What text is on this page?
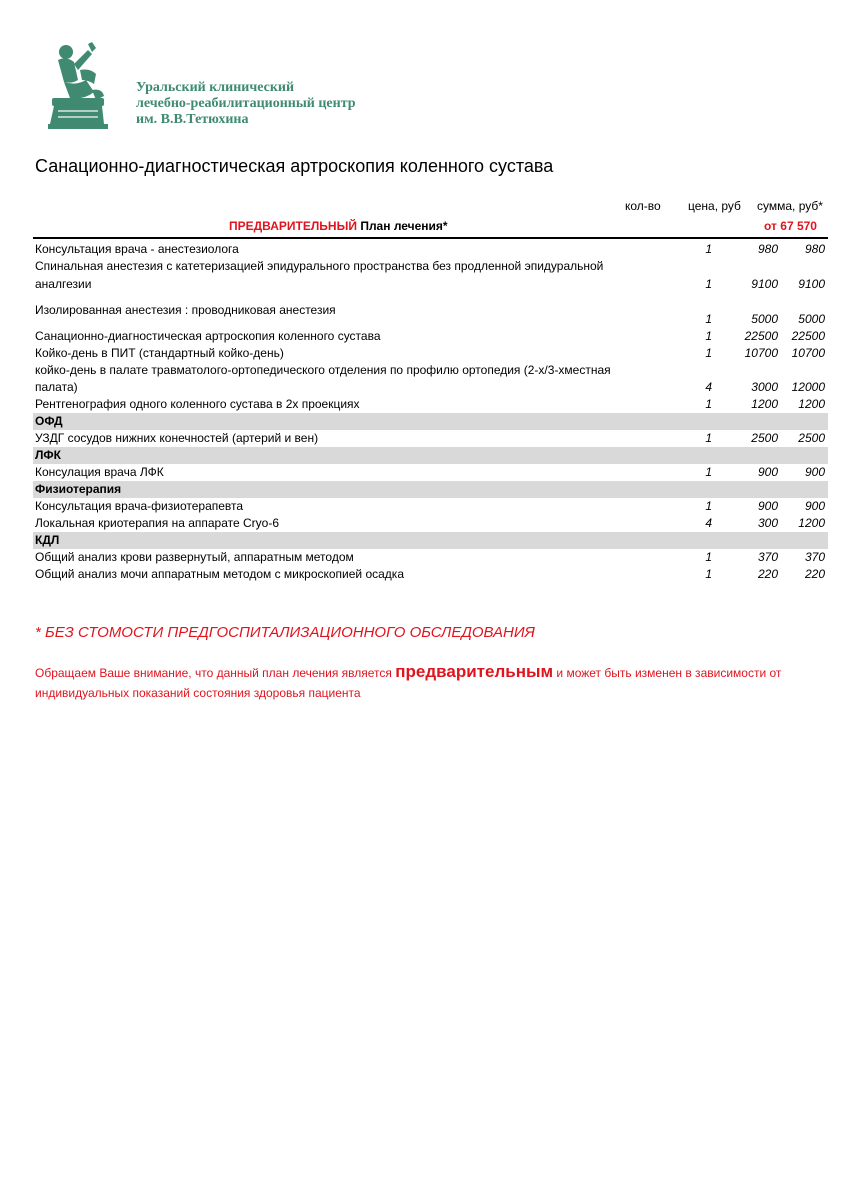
Уральский клинический
лечебно-реабилитационный центр
им. В.В.Тетюхина
Санационно-диагностическая артроскопия коленного сустава
кол-во цена, руб сумма, руб*
ПРЕДВАРИТЕЛЬНЫЙ План лечения*	от 67 570
Консультация врача - анестезиолога	1	980	980
Спинальная анестезия с катетеризацией эпидурального пространства без продленной эпидуральной
аналгезии	1	9100	9100
Изолированная анестезия : проводниковая анестезия
1	5000	5000
Санационно-диагностическая артроскопия коленного сустава	1	22500	22500
Койко-день в ПИТ (стандартный койко-день)	1	10700	10700
койко-день в палате травматолого-ортопедического отделения по профилю ортопедия (2-х/3-хместная
палата)	4	3000	12000
Рентгенография одного коленного сустава в 2х проекциях	1	1200	1200
ОФД
УЗДГ сосудов нижних конечностей (артерий и вен)	1	2500	2500
ЛФК
Консулация врача ЛФК	1	900	900
Физиотерапия
Консультация врача-физиотерапевта	1	900	900
Локальная криотерапия на аппарате Cryo-6	4	300	1200
КДЛ
Общий анализ крови развернутый, аппаратным методом	1	370	370
Общий анализ мочи аппаратным методом с микроскопией осадка	1	220	220
* БЕЗ СТОМОСТИ ПРЕДГОСПИТАЛИЗАЦИОННОГО ОБСЛЕДОВАНИЯ
Обращаем Ваше внимание, что данный план лечения является предварительным и может быть изменен в зависимости от индивидуальных показаний состояния здоровья пациента
